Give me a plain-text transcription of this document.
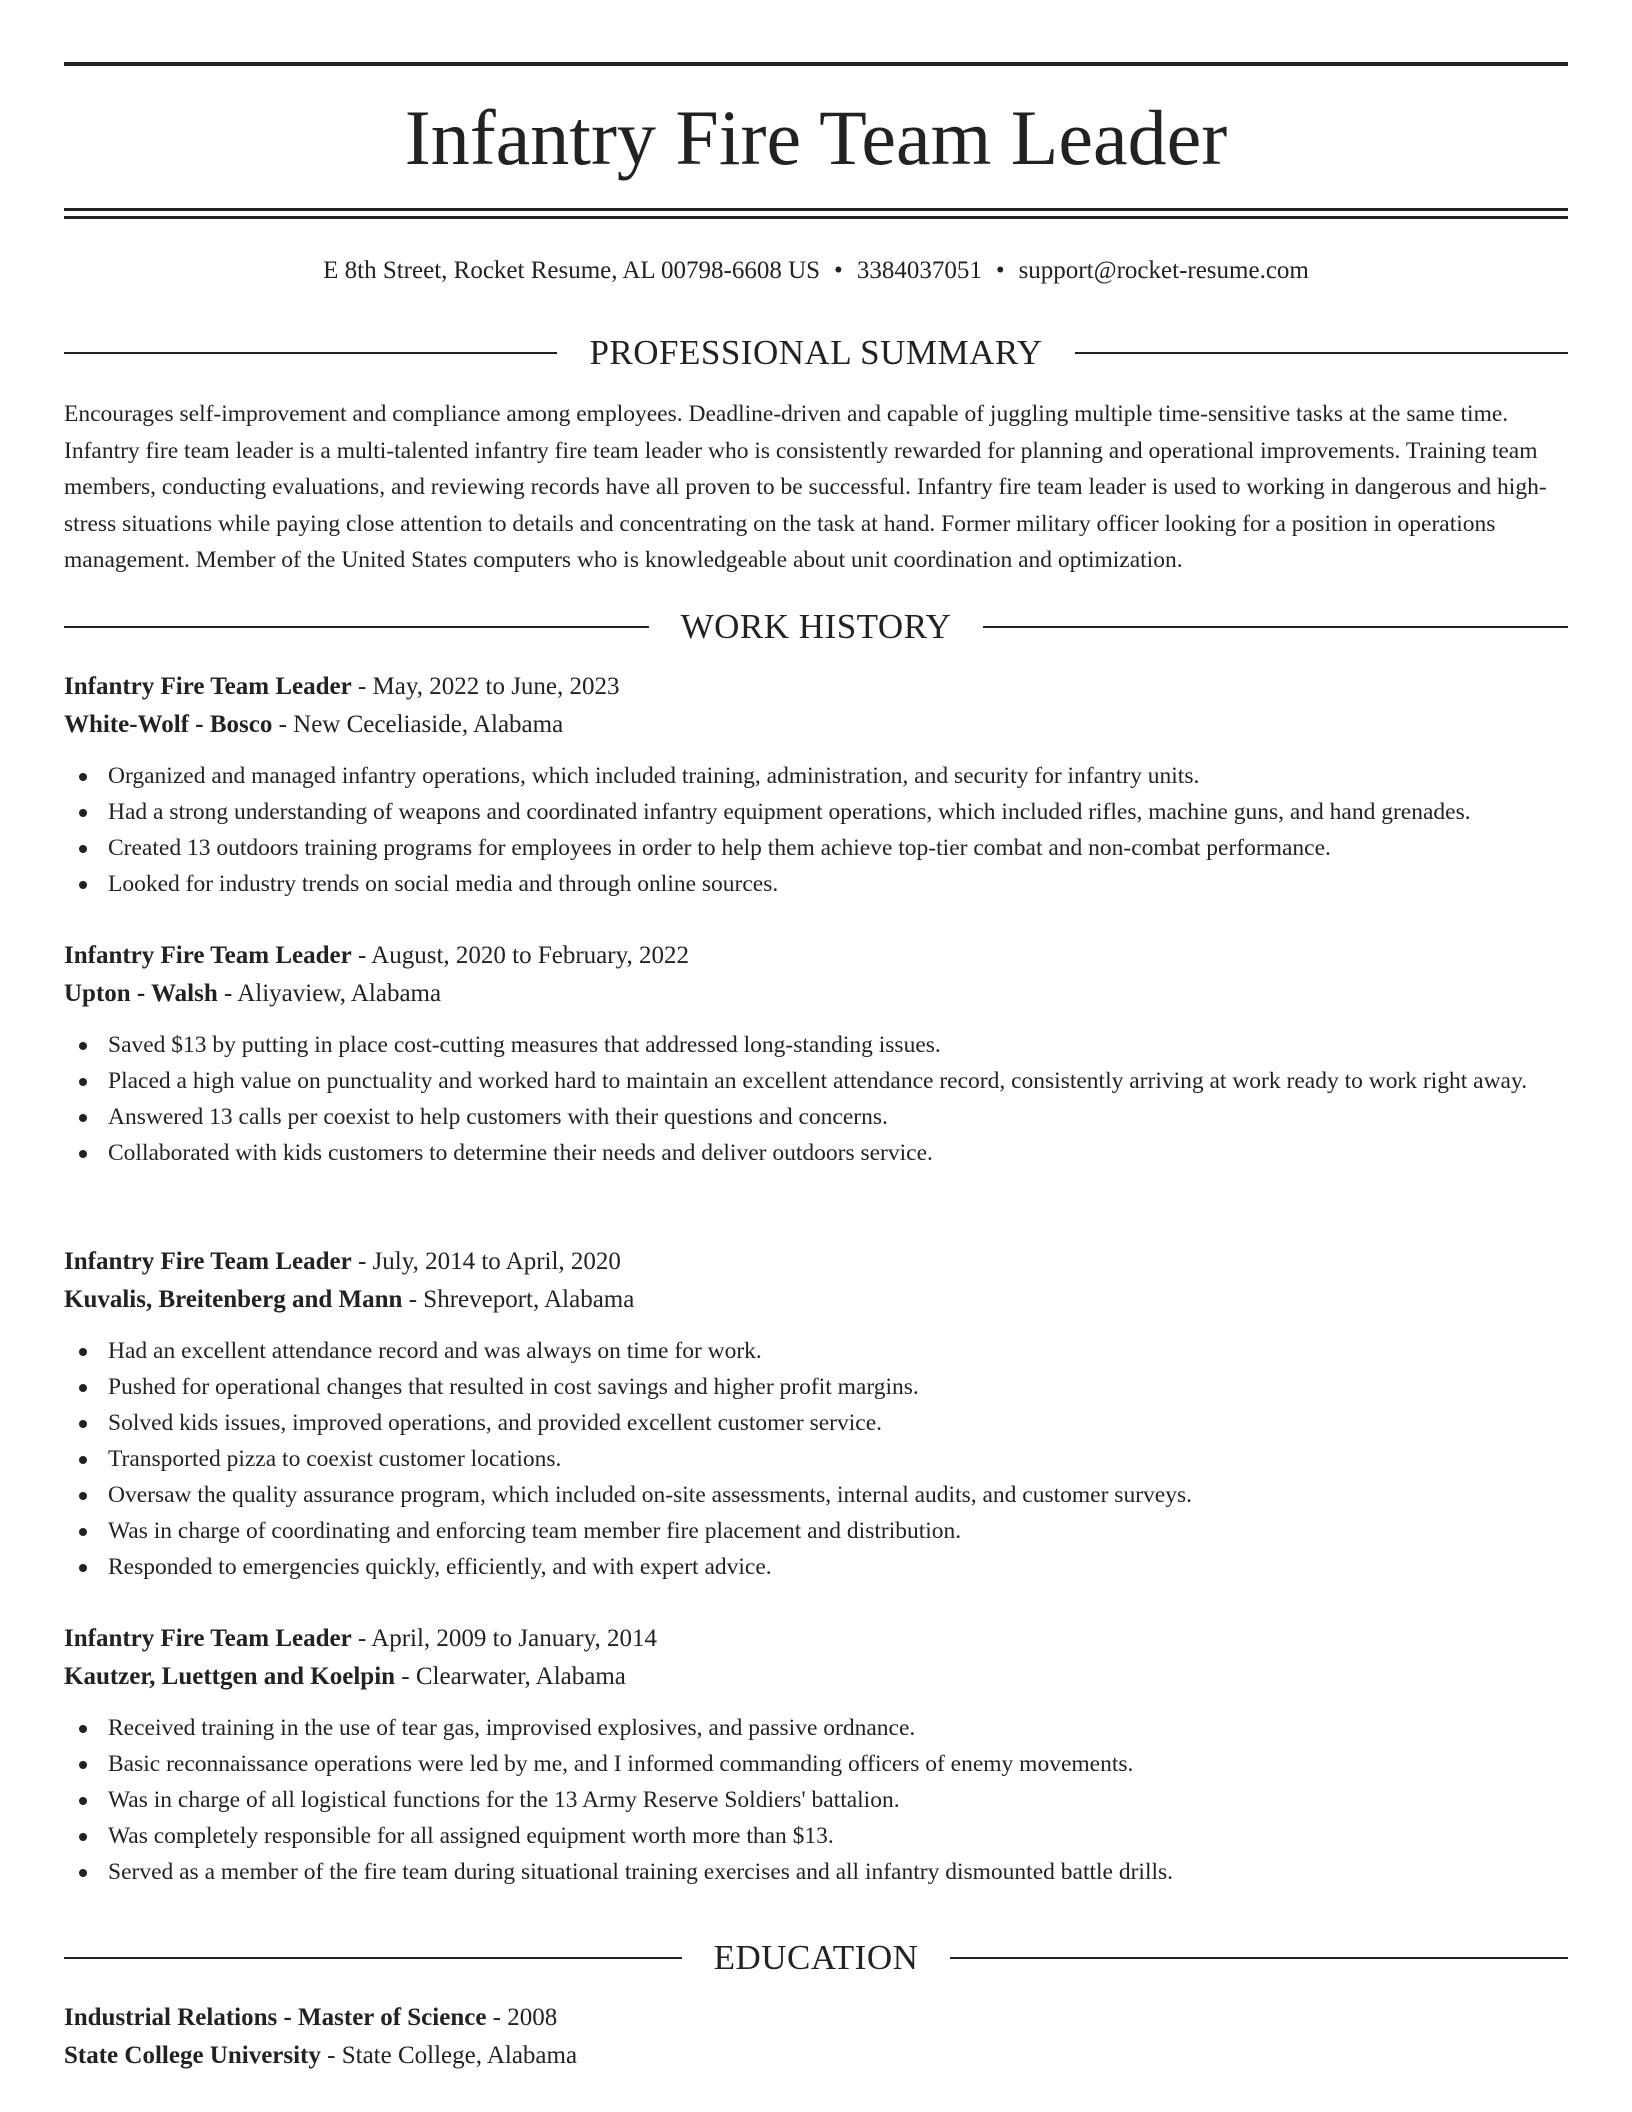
Infantry Fire Team Leader
E 8th Street, Rocket Resume, AL 00798-6608 US • 3384037051 • support@rocket-resume.com
PROFESSIONAL SUMMARY

Encourages self-improvement and compliance among employees. Deadline-driven and capable of juggling multiple time-sensitive tasks at the same time. Infantry fire team leader is a multi-talented infantry fire team leader who is consistently rewarded for planning and operational improvements. Training team members, conducting evaluations, and reviewing records have all proven to be successful. Infantry fire team leader is used to working in dangerous and high-stress situations while paying close attention to details and concentrating on the task at hand. Former military officer looking for a position in operations management. Member of the United States computers who is knowledgeable about unit coordination and optimization.

WORK HISTORY
Infantry Fire Team Leader - May, 2022 to June, 2023
White-Wolf - Bosco - New Ceceliaside, Alabama
Organized and managed infantry operations, which included training, administration, and security for infantry units.
Had a strong understanding of weapons and coordinated infantry equipment operations, which included rifles, machine guns, and hand grenades.
Created 13 outdoors training programs for employees in order to help them achieve top-tier combat and non-combat performance.
Looked for industry trends on social media and through online sources.
Infantry Fire Team Leader - August, 2020 to February, 2022
Upton - Walsh - Aliyaview, Alabama
Saved $13 by putting in place cost-cutting measures that addressed long-standing issues.
Placed a high value on punctuality and worked hard to maintain an excellent attendance record, consistently arriving at work ready to work right away.
Answered 13 calls per coexist to help customers with their questions and concerns.
Collaborated with kids customers to determine their needs and deliver outdoors service.
Infantry Fire Team Leader - July, 2014 to April, 2020
Kuvalis, Breitenberg and Mann - Shreveport, Alabama
Had an excellent attendance record and was always on time for work.
Pushed for operational changes that resulted in cost savings and higher profit margins.
Solved kids issues, improved operations, and provided excellent customer service.
Transported pizza to coexist customer locations.
Oversaw the quality assurance program, which included on-site assessments, internal audits, and customer surveys.
Was in charge of coordinating and enforcing team member fire placement and distribution.
Responded to emergencies quickly, efficiently, and with expert advice.
Infantry Fire Team Leader - April, 2009 to January, 2014
Kautzer, Luettgen and Koelpin - Clearwater, Alabama
Received training in the use of tear gas, improvised explosives, and passive ordnance.
Basic reconnaissance operations were led by me, and I informed commanding officers of enemy movements.
Was in charge of all logistical functions for the 13 Army Reserve Soldiers' battalion.
Was completely responsible for all assigned equipment worth more than $13.
Served as a member of the fire team during situational training exercises and all infantry dismounted battle drills.
EDUCATION
Industrial Relations - Master of Science - 2008
State College University - State College, Alabama
